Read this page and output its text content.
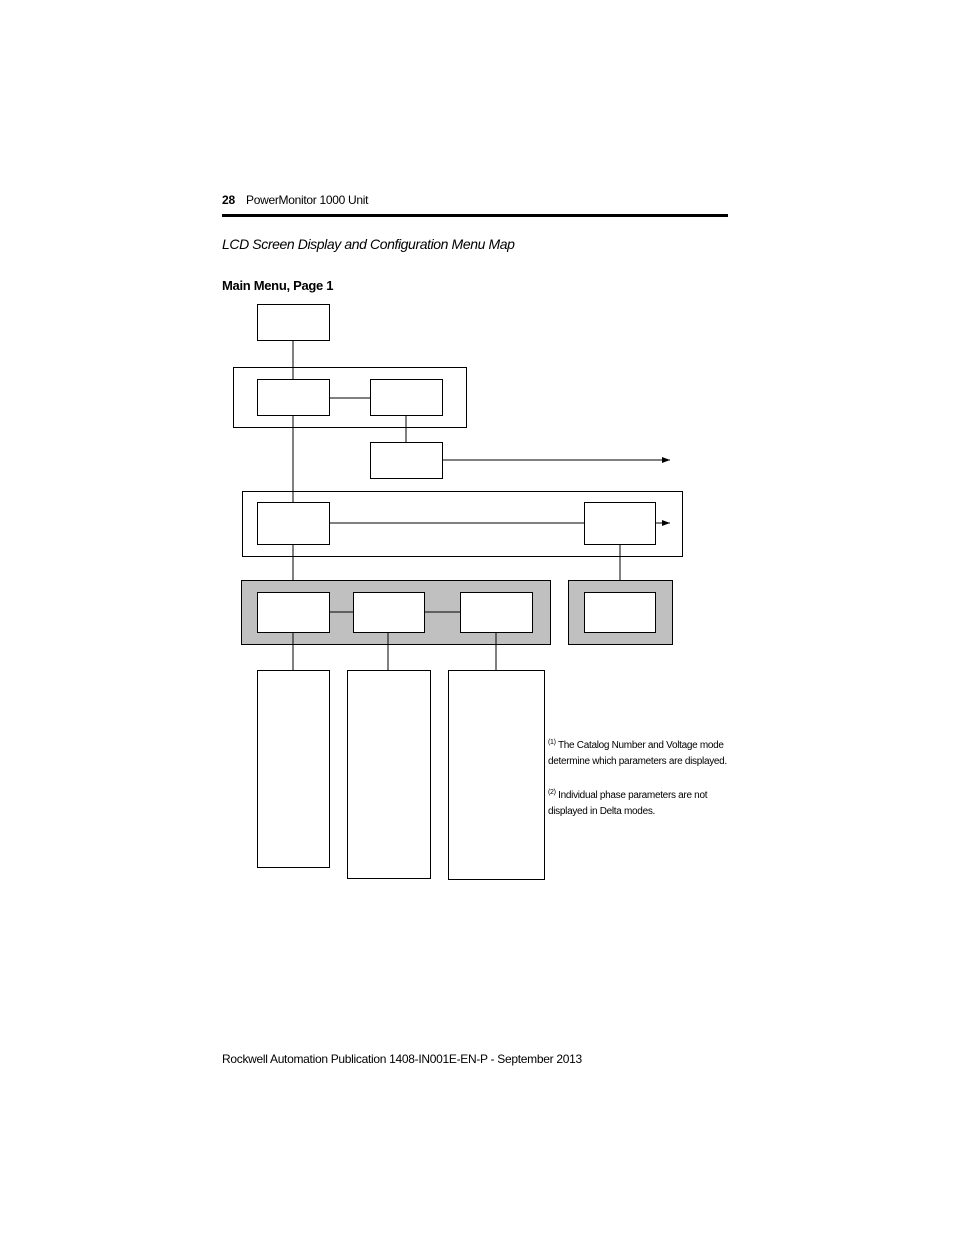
28 PowerMonitor 1000 Unit
LCD Screen Display and Configuration Menu Map
Main Menu, Page 1
$^{(1)}$ The Catalog Number and Voltage mode determine which parameters are displayed.
$^{(2)}$ Individual phase parameters are not displayed in Delta modes.
Rockwell Automation Publication 1408-IN001E-EN-P - September 2013
